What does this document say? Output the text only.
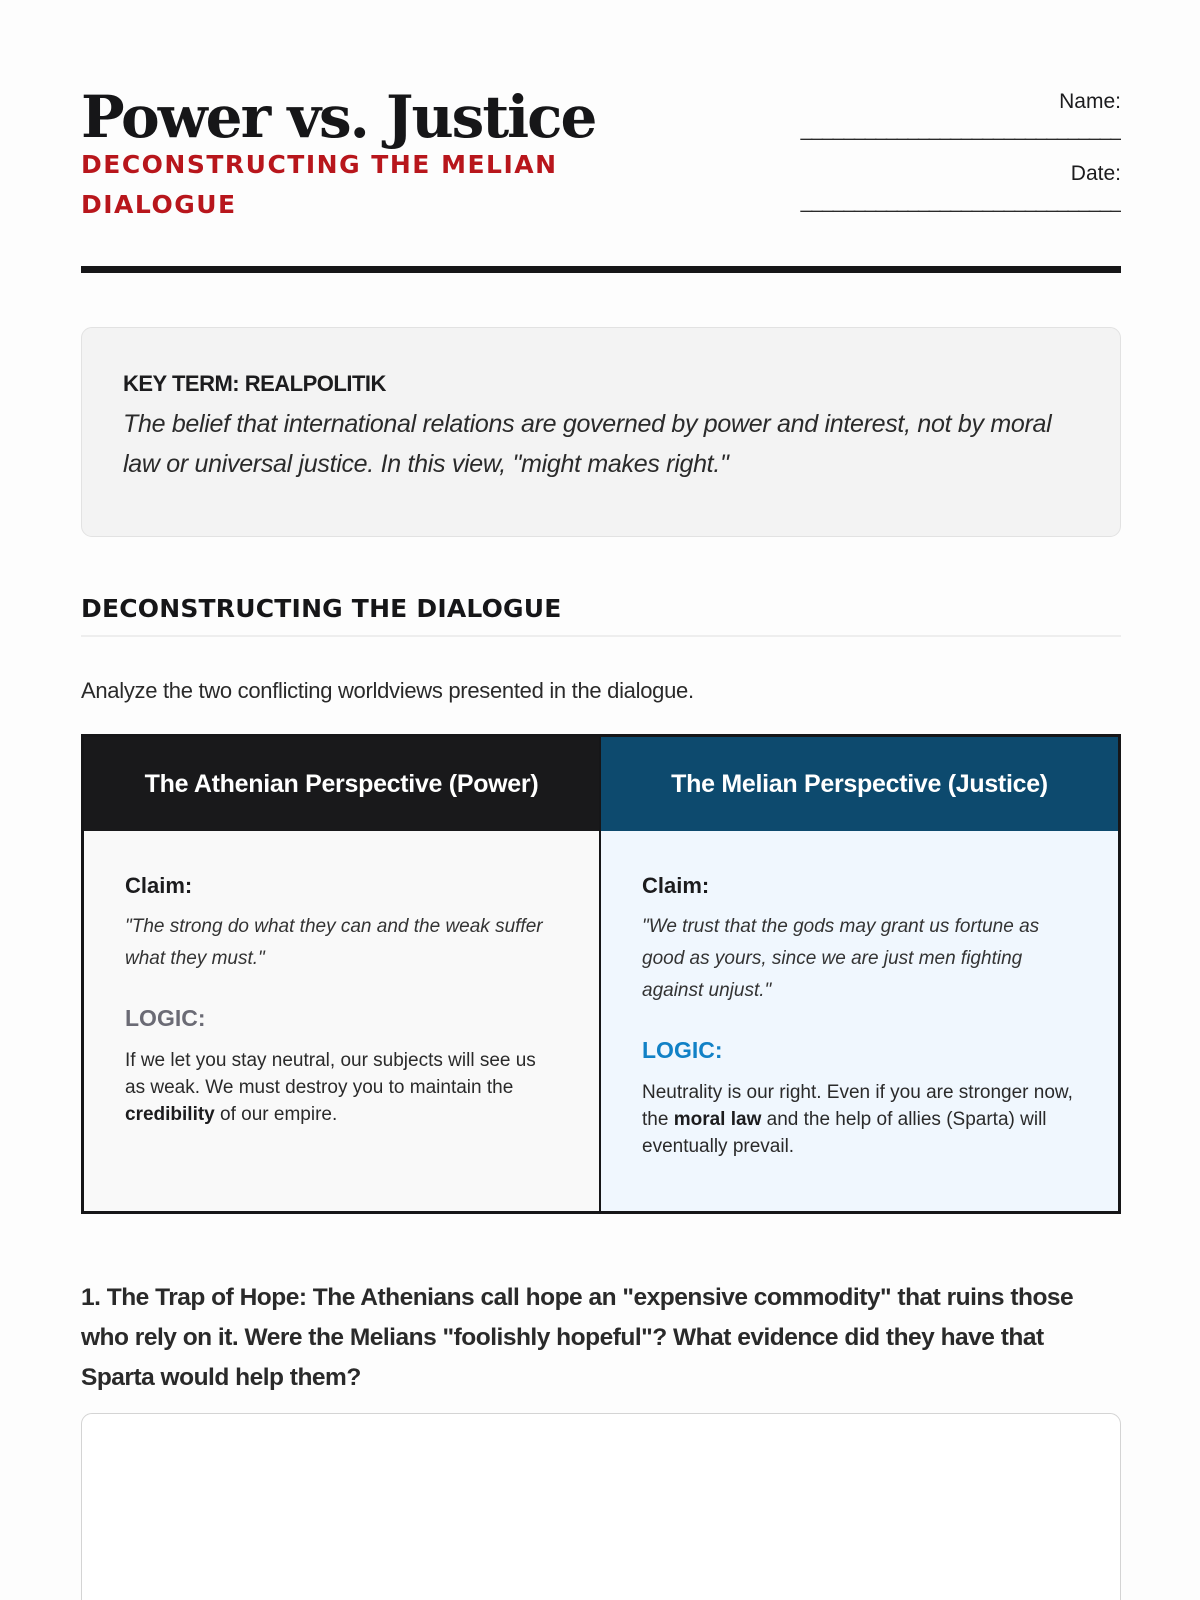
Power vs. Justice
DECONSTRUCTING THE MELIAN DIALOGUE
Name:
______________________________
Date:
______________________________
KEY TERM: REALPOLITIK
The belief that international relations are governed by power and interest, not by moral law or universal justice. In this view, "might makes right."
DECONSTRUCTING THE DIALOGUE

Analyze the two conflicting worldviews presented in the dialogue.

The Athenian Perspective (Power)
Claim:
"The strong do what they can and the weak suffer what they must."
LOGIC:
If we let you stay neutral, our subjects will see us as weak. We must destroy you to maintain the credibility of our empire.
The Melian Perspective (Justice)
Claim:
"We trust that the gods may grant us fortune as good as yours, since we are just men fighting against unjust."
LOGIC:
Neutrality is our right. Even if you are stronger now, the moral law and the help of allies (Sparta) will eventually prevail.
1. The Trap of Hope: The Athenians call hope an "expensive commodity" that ruins those who rely on it. Were the Melians "foolishly hopeful"? What evidence did they have that Sparta would help them?
